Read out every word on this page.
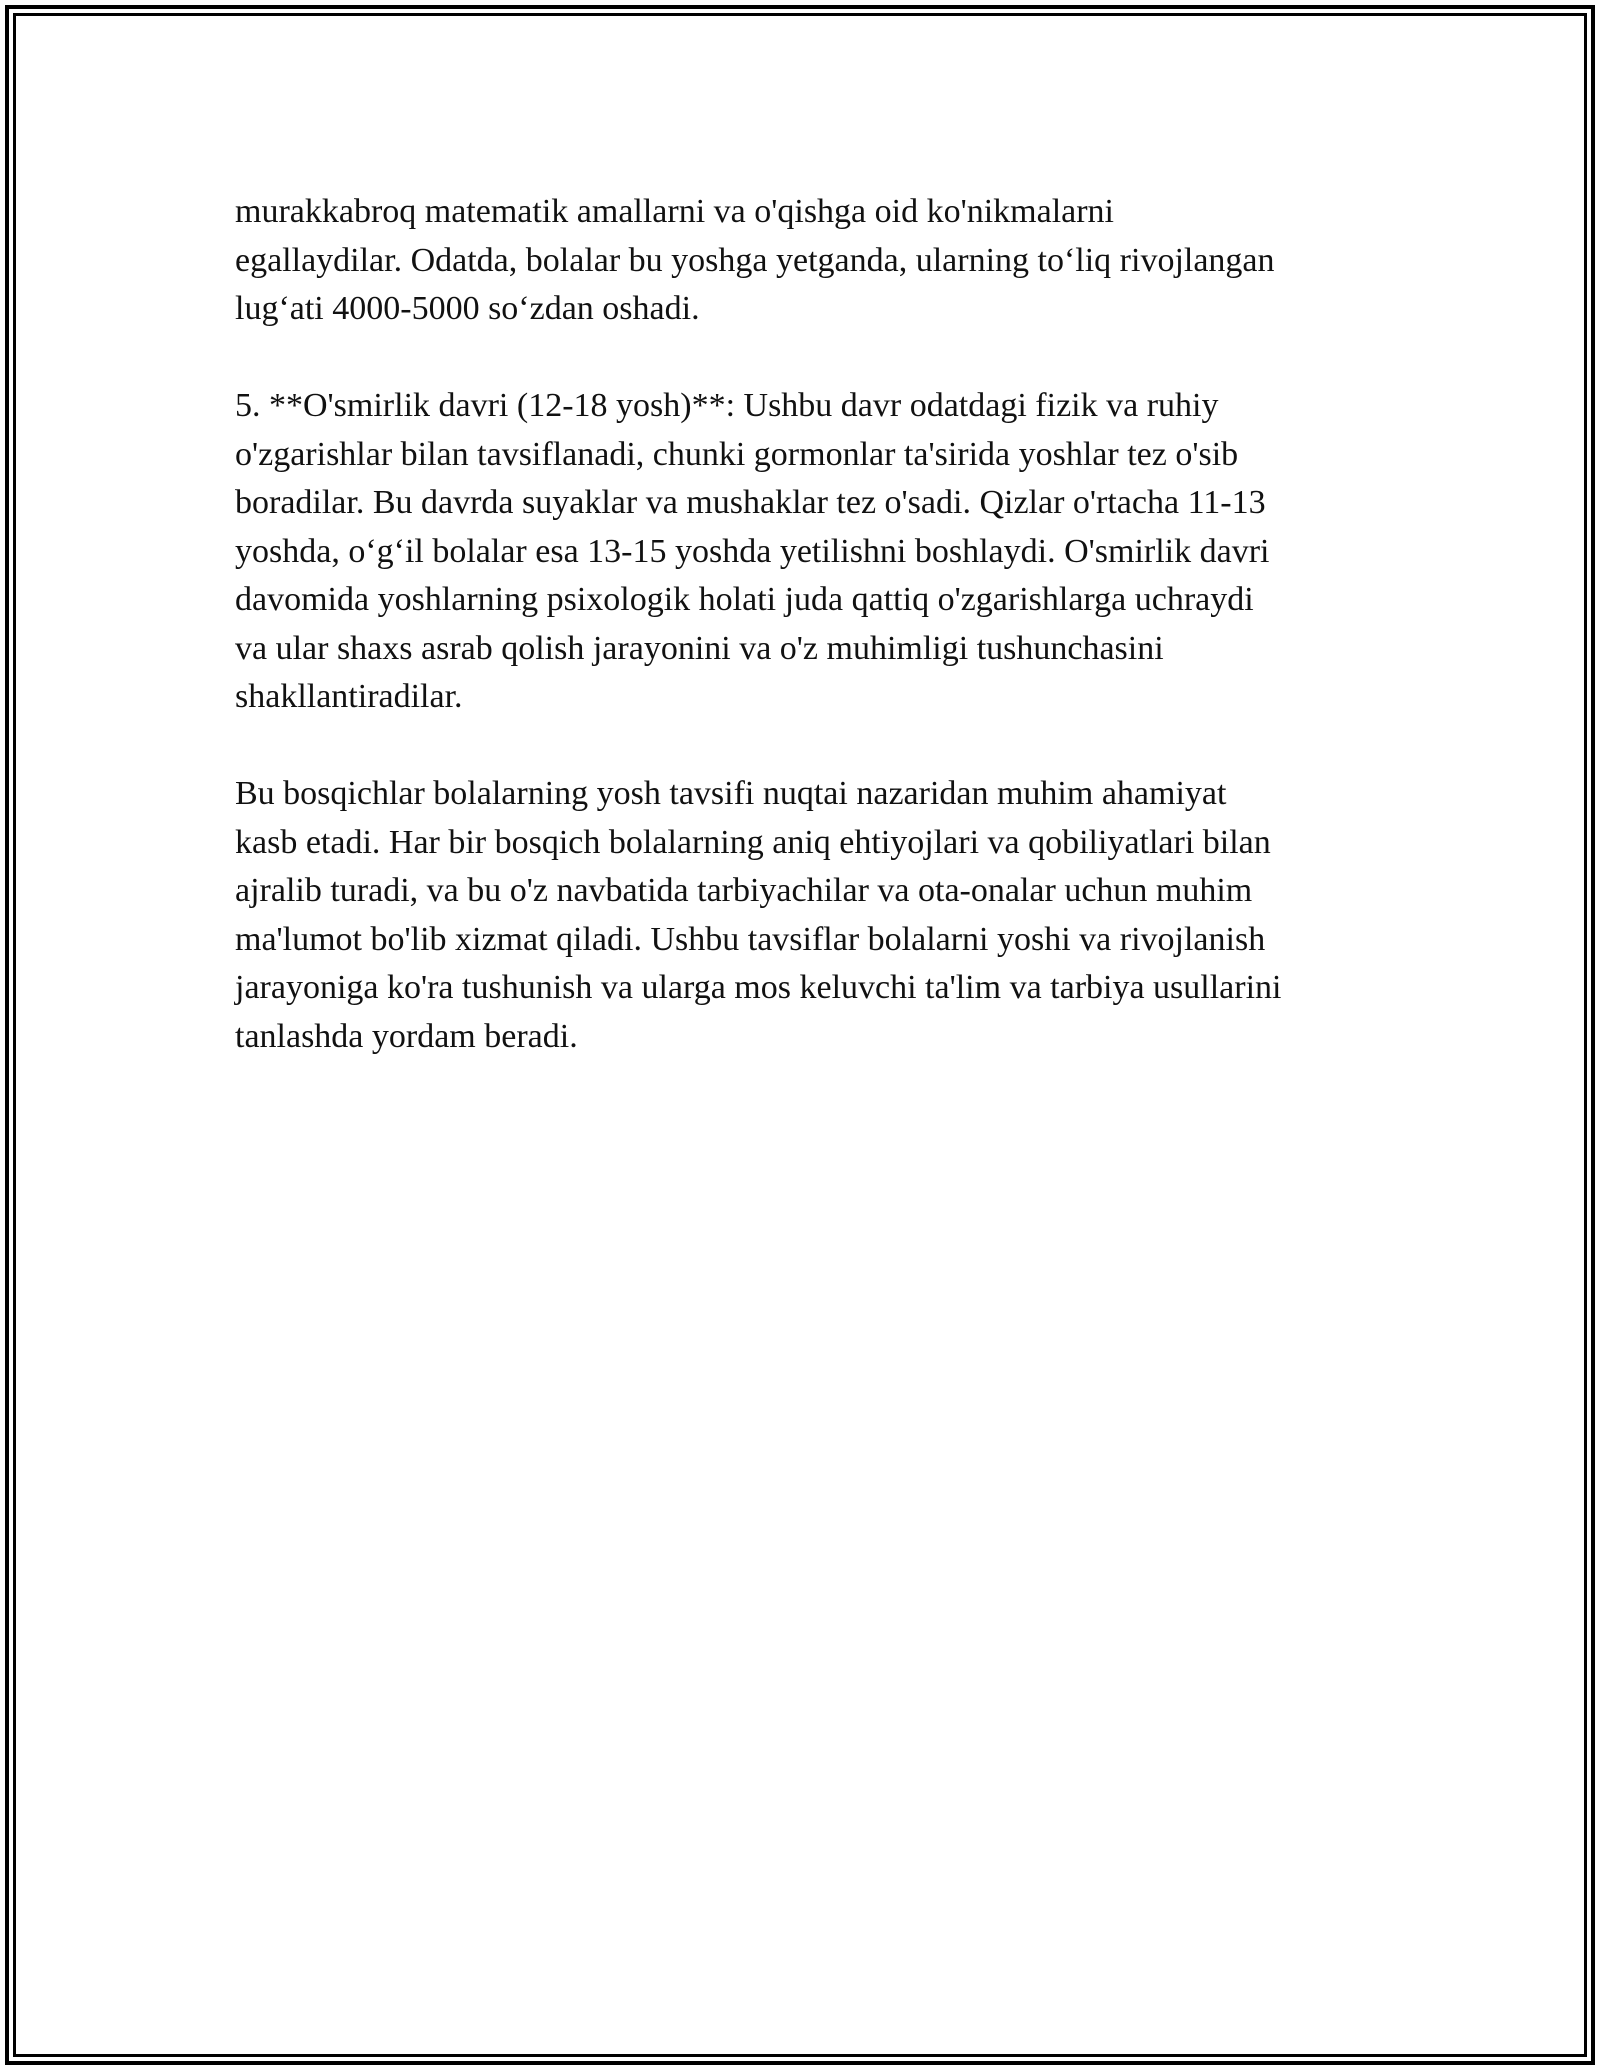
murakkabroq matematik amallarni va o'qishga oid ko'nikmalarni
egallaydilar. Odatda, bolalar bu yoshga yetganda, ularning to‘liq rivojlangan
lug‘ati 4000-5000 so‘zdan oshadi.

5. **O'smirlik davri (12-18 yosh)**: Ushbu davr odatdagi fizik va ruhiy
o'zgarishlar bilan tavsiflanadi, chunki gormonlar ta'sirida yoshlar tez o'sib
boradilar. Bu davrda suyaklar va mushaklar tez o'sadi. Qizlar o'rtacha 11-13
yoshda, o‘g‘il bolalar esa 13-15 yoshda yetilishni boshlaydi. O'smirlik davri
davomida yoshlarning psixologik holati juda qattiq o'zgarishlarga uchraydi
va ular shaxs asrab qolish jarayonini va o'z muhimligi tushunchasini
shakllantiradilar.

Bu bosqichlar bolalarning yosh tavsifi nuqtai nazaridan muhim ahamiyat
kasb etadi. Har bir bosqich bolalarning aniq ehtiyojlari va qobiliyatlari bilan
ajralib turadi, va bu o'z navbatida tarbiyachilar va ota-onalar uchun muhim
ma'lumot bo'lib xizmat qiladi. Ushbu tavsiflar bolalarni yoshi va rivojlanish
jarayoniga ko'ra tushunish va ularga mos keluvchi ta'lim va tarbiya usullarini
tanlashda yordam beradi.
